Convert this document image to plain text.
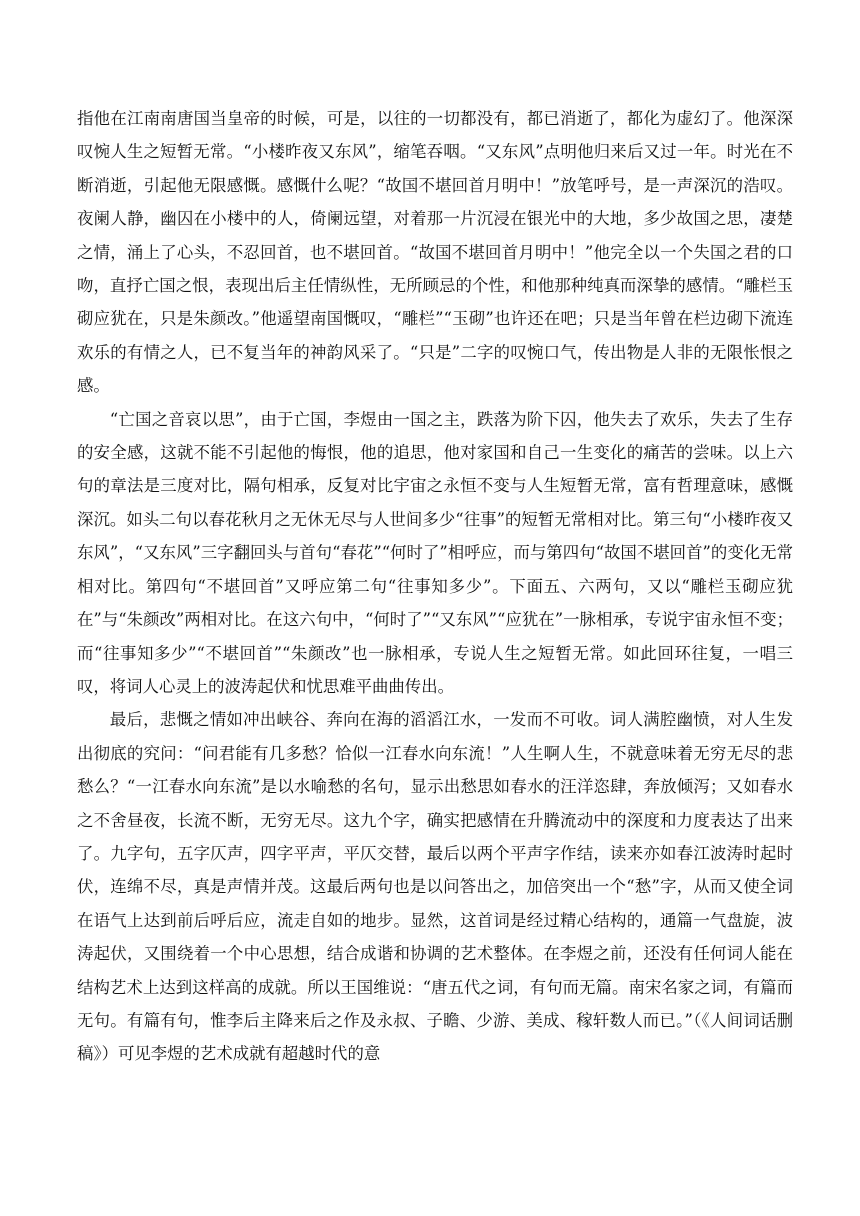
指他在江南南唐国当皇帝的时候，可是，以往的一切都没有，都已消逝了，都化为虚幻了。他深深叹惋人生之短暂无常。“小楼昨夜又东风”，缩笔吞咽。“又东风”点明他归来后又过一年。时光在不断消逝，引起他无限感慨。感慨什么呢？“故国不堪回首月明中！”放笔呼号，是一声深沉的浩叹。夜阑人静，幽囚在小楼中的人，倚阑远望，对着那一片沉浸在银光中的大地，多少故国之思，凄楚之情，涌上了心头，不忍回首，也不堪回首。“故国不堪回首月明中！”他完全以一个失国之君的口吻，直抒亡国之恨，表现出后主任情纵性，无所顾忌的个性，和他那种纯真而深挚的感情。“雕栏玉砌应犹在，只是朱颜改。”他遥望南国慨叹，“雕栏”“玉砌”也许还在吧；只是当年曾在栏边砌下流连欢乐的有情之人，已不复当年的神韵风采了。“只是”二字的叹惋口气，传出物是人非的无限怅恨之感。

“亡国之音哀以思”，由于亡国，李煜由一国之主，跌落为阶下囚，他失去了欢乐，失去了生存的安全感，这就不能不引起他的悔恨，他的追思，他对家国和自己一生变化的痛苦的尝味。以上六句的章法是三度对比，隔句相承，反复对比宇宙之永恒不变与人生短暂无常，富有哲理意味，感慨深沉。如头二句以春花秋月之无休无尽与人世间多少“往事”的短暂无常相对比。第三句“小楼昨夜又东风”，“又东风”三字翻回头与首句“春花”“何时了”相呼应，而与第四句“故国不堪回首”的变化无常相对比。第四句“不堪回首”又呼应第二句“往事知多少”。下面五、六两句，又以“雕栏玉砌应犹在”与“朱颜改”两相对比。在这六句中，“何时了”“又东风”“应犹在”一脉相承，专说宇宙永恒不变；而“往事知多少”“不堪回首”“朱颜改”也一脉相承，专说人生之短暂无常。如此回环往复，一唱三叹，将词人心灵上的波涛起伏和忧思难平曲曲传出。

最后，悲慨之情如冲出峡谷、奔向在海的滔滔江水，一发而不可收。词人满腔幽愤，对人生发出彻底的究问：“问君能有几多愁？恰似一江春水向东流！”人生啊人生，不就意味着无穷无尽的悲愁么？“一江春水向东流”是以水喻愁的名句，显示出愁思如春水的汪洋恣肆，奔放倾泻；又如春水之不舍昼夜，长流不断，无穷无尽。这九个字，确实把感情在升腾流动中的深度和力度表达了出来了。九字句，五字仄声，四字平声，平仄交替，最后以两个平声字作结，读来亦如春江波涛时起时伏，连绵不尽，真是声情并茂。这最后两句也是以问答出之，加倍突出一个“愁”字，从而又使全词在语气上达到前后呼后应，流走自如的地步。显然，这首词是经过精心结构的，通篇一气盘旋，波涛起伏，又围绕着一个中心思想，结合成谐和协调的艺术整体。在李煜之前，还没有任何词人能在结构艺术上达到这样高的成就。所以王国维说：“唐五代之词，有句而无篇。南宋名家之词，有篇而无句。有篇有句，惟李后主降来后之作及永叔、子瞻、少游、美成、稼轩数人而已。”（《人间词话删稿》）可见李煜的艺术成就有超越时代的意
